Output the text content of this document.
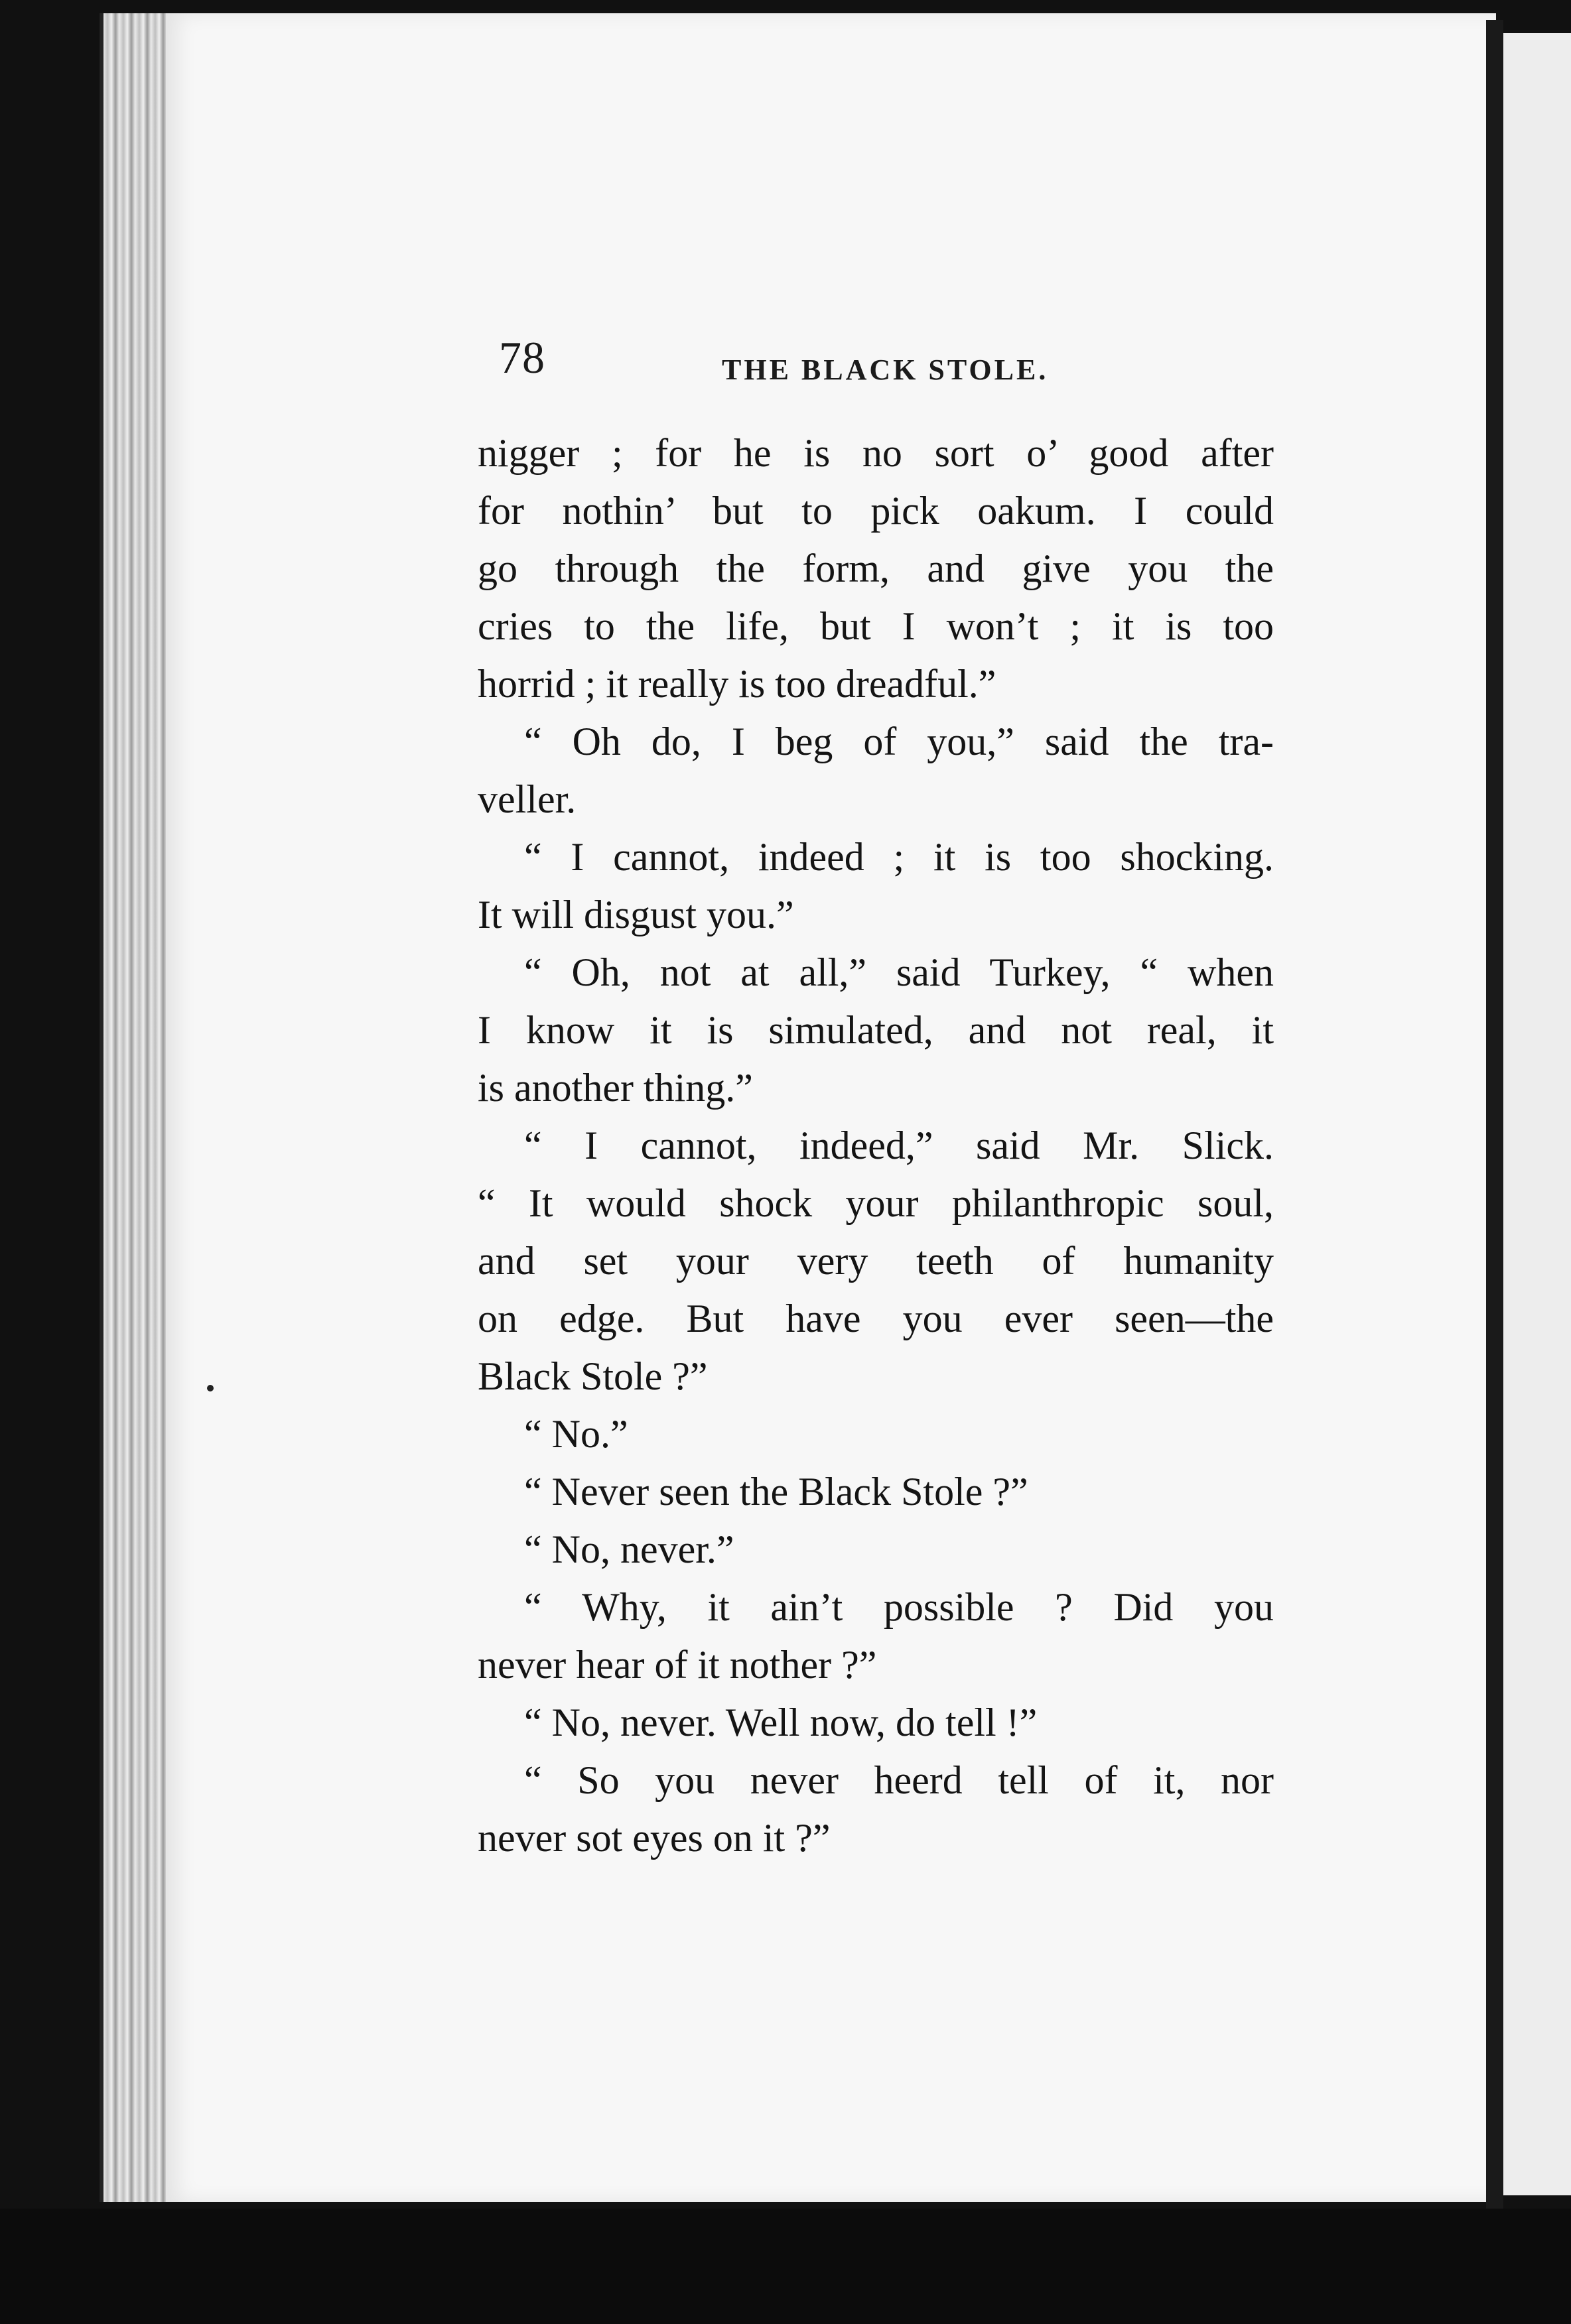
78	THE BLACK STOLE.
nigger ; for he is no sort o’ good after
for nothin’ but to pick oakum. I could
go through the form, and give you the
cries to the life, but I won’t ; it is too
horrid ; it really is too dreadful.”
“ Oh do, I beg of you,” said the tra-
veller.
“ I cannot, indeed ; it is too shocking.
It will disgust you.”
“ Oh, not at all,” said Turkey, “ when
I know it is simulated, and not real, it
is another thing.”
“ I cannot, indeed,” said Mr. Slick.
“ It would shock your philanthropic soul,
and set your very teeth of humanity
on edge. But have you ever seen—the
Black Stole ?”
“ No.”
“ Never seen the Black Stole ?”
“ No, never.”
“ Why, it ain’t possible ? Did you
never hear of it nother ?”
“ No, never. Well now, do tell !”
“ So you never heerd tell of it, nor
never sot eyes on it ?”
